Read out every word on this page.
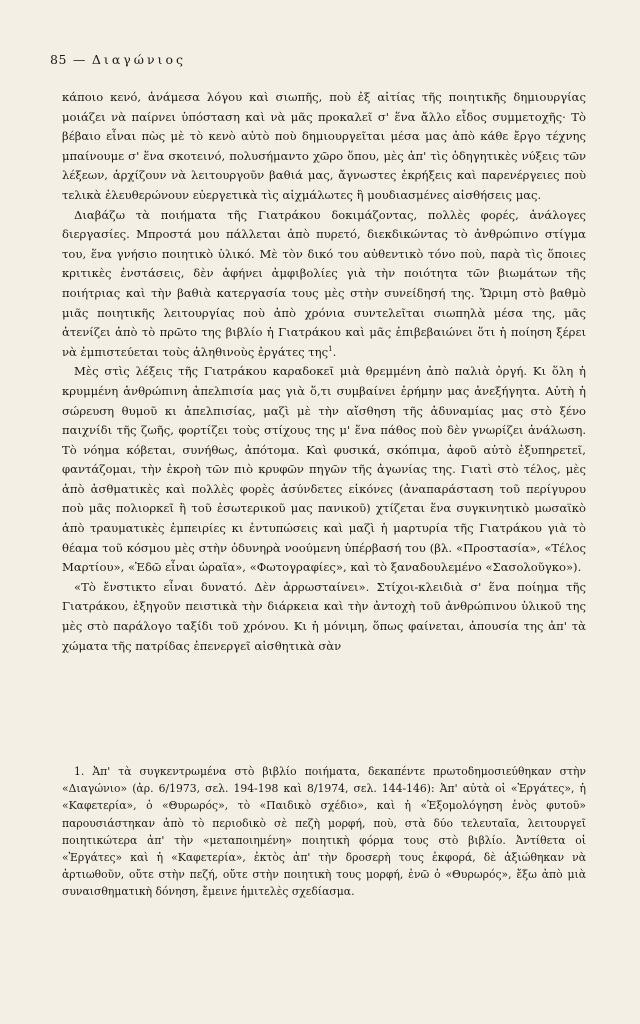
85 — Διαγώνιος

κάποιο κενό, ἀνάμεσα λόγου καὶ σιωπῆς, ποὺ ἐξ αἰτίας τῆς ποιητικῆς δημιουργίας μοιάζει νὰ παίρνει ὑπόσταση καὶ νὰ μᾶς προκαλεῖ σ' ἕνα ἄλλο εἶδος συμμετοχῆς· Τὸ βέβαιο εἶναι πὼς μὲ τὸ κενὸ αὐτὸ ποὺ δημιουργεῖται μέσα μας ἀπὸ κάθε ἔργο τέχνης μπαίνουμε σ' ἕνα σκοτεινό, πολυσήμαντο χῶρο ὅπου, μὲς ἀπ' τὶς ὁδηγητικὲς νύξεις τῶν λέξεων, ἀρχίζουν νὰ λειτουργοῦν βαθιά μας, ἄγνωστες ἐκρήξεις καὶ παρενέργειες ποὺ τελικὰ ἐλευθερώνουν εὐεργετικὰ τὶς αἰχμάλωτες ἢ μουδιασμένες αἰσθήσεις μας.

Διαβάζω τὰ ποιήματα τῆς Γιατράκου δοκιμάζοντας, πολλὲς φορές, ἀνάλογες διεργασίες. Μπροστά μου πάλλεται ἀπὸ πυρετό, διεκδικώντας τὸ ἀνθρώπινο στίγμα του, ἕνα γνήσιο ποιητικὸ ὑλικό. Μὲ τὸν δικό του αὐθεντικὸ τόνο ποὺ, παρὰ τὶς ὅποιες κριτικὲς ἐνστάσεις, δὲν ἀφήνει ἀμφιβολίες γιὰ τὴν ποιότητα τῶν βιωμάτων τῆς ποιήτριας καὶ τὴν βαθιὰ κατεργασία τους μὲς στὴν συνείδησή της. Ὥριμη στὸ βαθμὸ μιᾶς ποιητικῆς λειτουργίας ποὺ ἀπὸ χρόνια συντελεῖται σιωπηλὰ μέσα της, μᾶς ἀτενίζει ἀπὸ τὸ πρῶτο της βιβλίο ἡ Γιατράκου καὶ μᾶς ἐπιβεβαιώνει ὅτι ἡ ποίηση ξέρει νὰ ἐμπιστεύεται τοὺς ἀληθινοὺς ἐργάτες της$^1$.

Μὲς στὶς λέξεις τῆς Γιατράκου καραδοκεῖ μιὰ θρεμμένη ἀπὸ παλιὰ ὀργή. Κι ὅλη ἡ κρυμμένη ἀνθρώπινη ἀπελπισία μας γιὰ ὅ,τι συμβαίνει ἐρήμην μας ἀνεξήγητα. Αὐτὴ ἡ σώρευση θυμοῦ κι ἀπελπισίας, μαζὶ μὲ τὴν αἴσθηση τῆς ἀδυναμίας μας στὸ ξένο παιχνίδι τῆς ζωῆς, φορτίζει τοὺς στίχους της μ' ἕνα πάθος ποὺ δὲν γνωρίζει ἀνάλωση. Τὸ νόημα κόβεται, συνήθως, ἀπότομα. Καὶ φυσικά, σκόπιμα, ἀφοῦ αὐτὸ ἐξυπηρετεῖ, φαντάζομαι, τὴν ἐκροὴ τῶν πιὸ κρυφῶν πηγῶν τῆς ἀγωνίας της. Γιατὶ στὸ τέλος, μὲς ἀπὸ ἀσθματικὲς καὶ πολλὲς φορὲς ἀσύνδετες εἰκόνες (ἀναπαράσταση τοῦ περίγυρου ποὺ μᾶς πολιορκεῖ ἢ τοῦ ἐσωτερικοῦ μας πανικοῦ) χτίζεται ἕνα συγκινητικὸ μωσαϊκὸ ἀπὸ τραυματικὲς ἐμπειρίες κι ἐντυπώσεις καὶ μαζὶ ἡ μαρτυρία τῆς Γιατράκου γιὰ τὸ θέαμα τοῦ κόσμου μὲς στὴν ὀδυνηρὰ νοούμενη ὑπέρβασή του (βλ. «Προστασία», «Τέλος Μαρτίου», «Ἐδῶ εἶναι ὡραῖα», «Φωτογραφίες», καὶ τὸ ξαναδουλεμένο «Σασολοῦγκο»).

«Τὸ ἔνστικτο εἶναι δυνατό. Δὲν ἀρρωσταίνει». Στίχοι-κλειδιὰ σ' ἕνα ποίημα τῆς Γιατράκου, ἐξηγοῦν πειστικὰ τὴν διάρκεια καὶ τὴν ἀντοχὴ τοῦ ἀνθρώπινου ὑλικοῦ της μὲς στὸ παράλογο ταξίδι τοῦ χρόνου. Κι ἡ μόνιμη, ὅπως φαίνεται, ἀπουσία της ἀπ' τὰ χώματα τῆς πατρίδας ἐπενεργεῖ αἰσθητικὰ σὰν

1. Ἀπ' τὰ συγκεντρωμένα στὸ βιβλίο ποιήματα, δεκαπέντε πρωτοδημοσιεύθηκαν στὴν «Διαγώνιο» (ἀρ. 6/1973, σελ. 194-198 καὶ 8/1974, σελ. 144-146): Ἀπ' αὐτὰ οἱ «Ἐργάτες», ἡ «Καφετερία», ὁ «Θυρωρός», τὸ «Παιδικὸ σχέδιο», καὶ ἡ «Ἐξομολόγηση ἑνὸς φυτοῦ» παρουσιάστηκαν ἀπὸ τὸ περιοδικὸ σὲ πεζὴ μορφή, ποὺ, στὰ δύο τελευταῖα, λειτουργεῖ ποιητικώτερα ἀπ' τὴν «μεταποιημένη» ποιητικὴ φόρμα τους στὸ βιβλίο. Ἀντίθετα οἱ «Ἐργάτες» καὶ ἡ «Καφετερία», ἐκτὸς ἀπ' τὴν δροσερὴ τους ἐκφορά, δὲ ἀξιώθηκαν νὰ ἀρτιωθοῦν, οὔτε στὴν πεζή, οὔτε στὴν ποιητικὴ τους μορφή, ἐνῶ ὁ «Θυρωρός», ἔξω ἀπὸ μιὰ συναισθηματικὴ δόνηση, ἔμεινε ἡμιτελὲς σχεδίασμα.
